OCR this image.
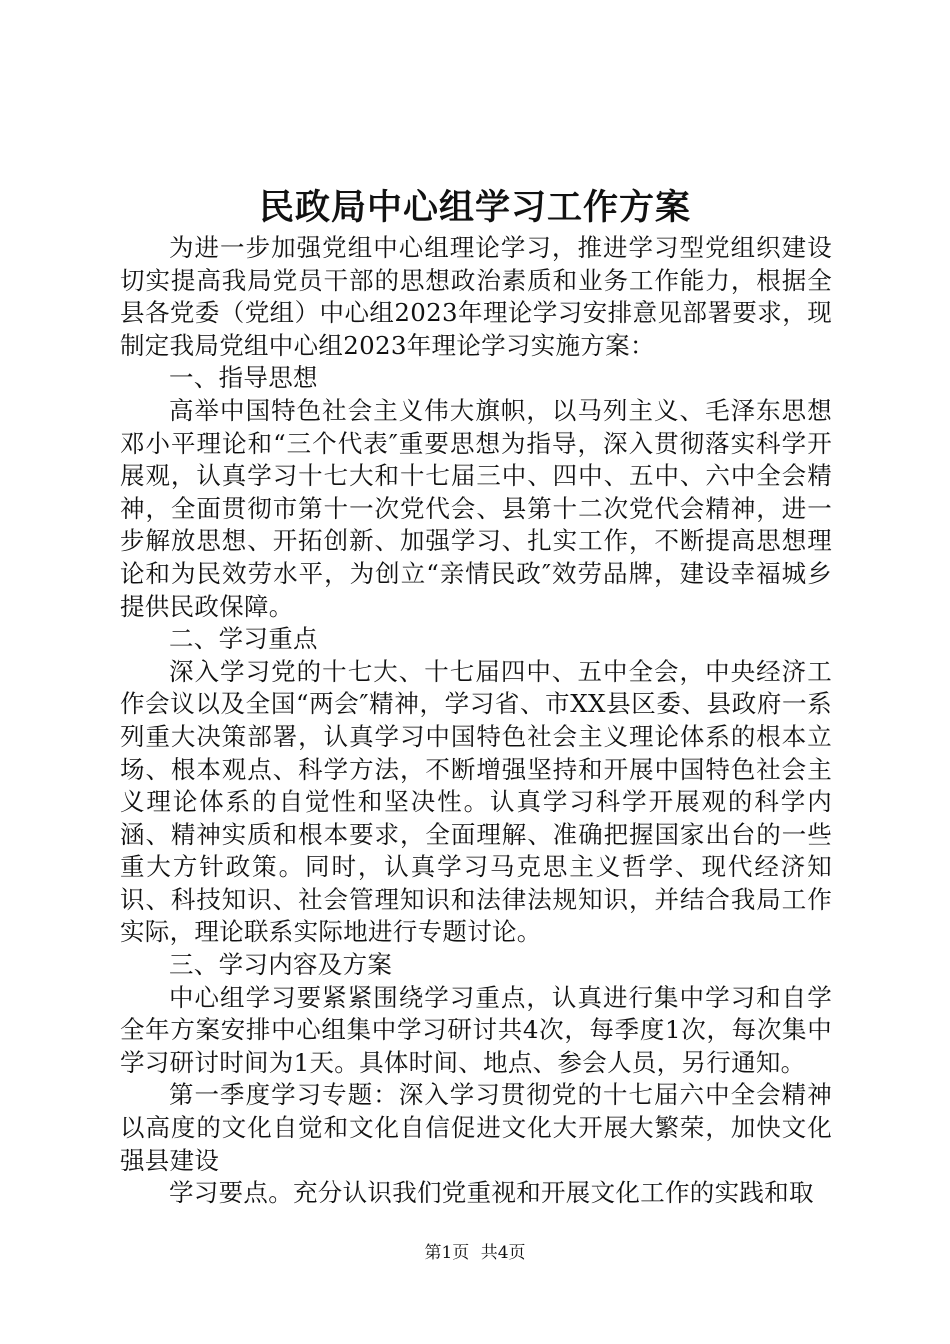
民政局中心组学习工作方案

为进一步加强党组中心组理论学习，推进学习型党组织建设切实提高我局党员干部的思想政治素质和业务工作能力，根据全县各党委（党组）中心组2023年理论学习安排意见部署要求，现制定我局党组中心组2023年理论学习实施方案：

一、指导思想

高举中国特色社会主义伟大旗帜，以马列主义、毛泽东思想邓小平理论和“三个代表″重要思想为指导，深入贯彻落实科学开展观，认真学习十七大和十七届三中、四中、五中、六中全会精神，全面贯彻市第十一次党代会、县第十二次党代会精神，进一步解放思想、开拓创新、加强学习、扎实工作，不断提高思想理论和为民效劳水平，为创立“亲情民政″效劳品牌，建设幸福城乡提供民政保障。

二、学习重点

深入学习党的十七大、十七届四中、五中全会，中央经济工作会议以及全国“两会″精神，学习省、市XX县区委、县政府一系列重大决策部署，认真学习中国特色社会主义理论体系的根本立场、根本观点、科学方法，不断增强坚持和开展中国特色社会主义理论体系的自觉性和坚决性。认真学习科学开展观的科学内涵、精神实质和根本要求，全面理解、准确把握国家出台的一些重大方针政策。同时，认真学习马克思主义哲学、现代经济知识、科技知识、社会管理知识和法律法规知识，并结合我局工作实际，理论联系实际地进行专题讨论。

三、学习内容及方案

中心组学习要紧紧围绕学习重点，认真进行集中学习和自学全年方案安排中心组集中学习研讨共4次，每季度1次，每次集中学习研讨时间为1天。具体时间、地点、参会人员，另行通知。

第一季度学习专题：深入学习贯彻党的十七届六中全会精神以高度的文化自觉和文化自信促进文化大开展大繁荣，加快文化强县建设

学习要点。充分认识我们党重视和开展文化工作的实践和取

第1页 共4页
